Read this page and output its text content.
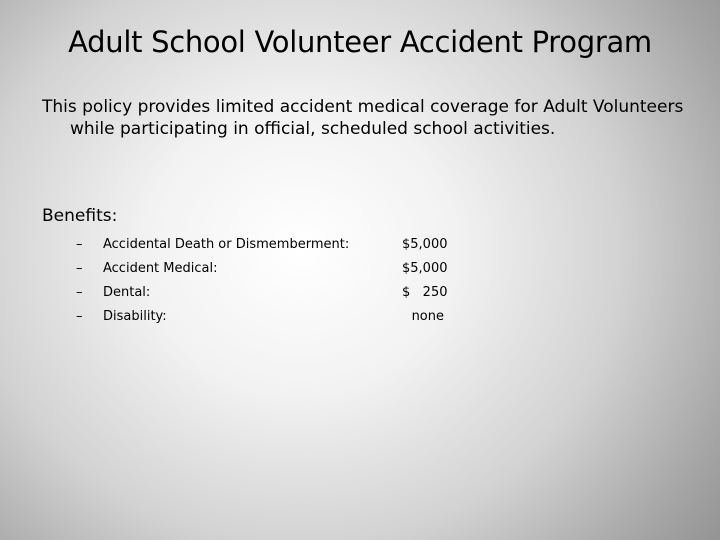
Adult School Volunteer Accident Program
This policy provides limited accident medical coverage for Adult Volunteers
while participating in official, scheduled school activities.
Benefits:
– Accidental Death or Dismemberment:	$5,000
– Accident Medical:	$5,000
– Dental:	$   250
– Disability:	none
